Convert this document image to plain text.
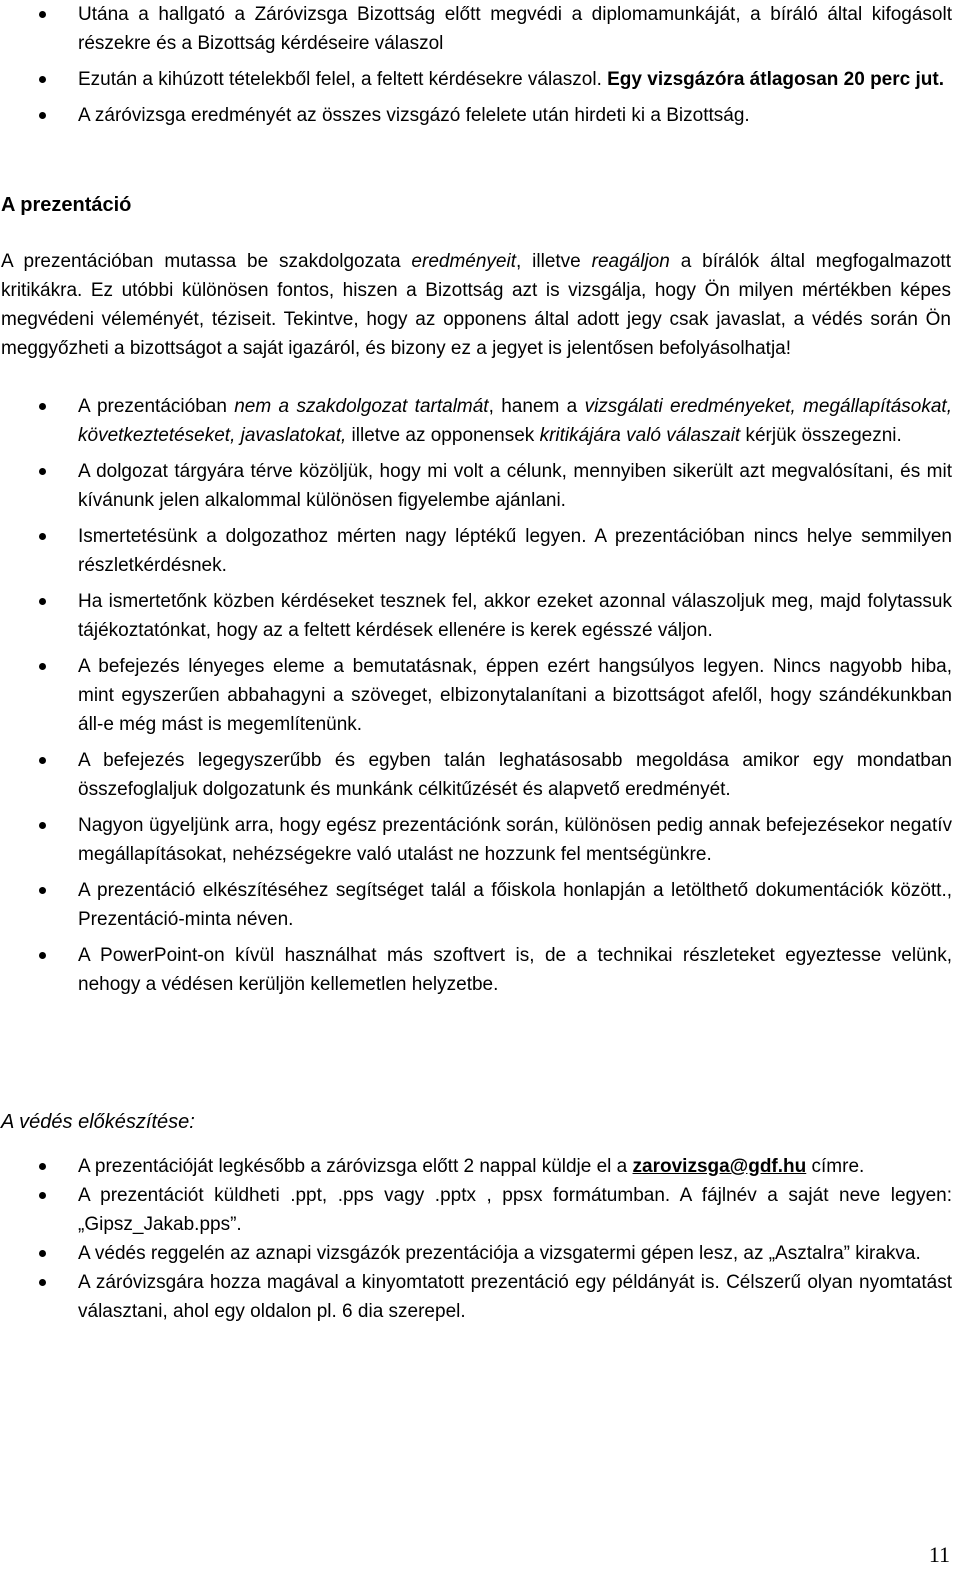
Utána a hallgató a Záróvizsga Bizottság előtt megvédi a diplomamunkáját, a bíráló által kifogásolt részekre és a Bizottság kérdéseire válaszol
Ezután a kihúzott tételekből felel, a feltett kérdésekre válaszol. Egy vizsgázóra átlagosan 20 perc jut.
A záróvizsga eredményét az összes vizsgázó felelete után hirdeti ki a Bizottság.
A prezentáció
A prezentációban mutassa be szakdolgozata eredményeit, illetve reagáljon a bírálók által megfogalmazott kritikákra. Ez utóbbi különösen fontos, hiszen a Bizottság azt is vizsgálja, hogy Ön milyen mértékben képes megvédeni véleményét, téziseit. Tekintve, hogy az opponens által adott jegy csak javaslat, a védés során Ön meggyőzheti a bizottságot a saját igazáról, és bizony ez a jegyet is jelentősen befolyásolhatja!
A prezentációban nem a szakdolgozat tartalmát, hanem a vizsgálati eredményeket, megállapításokat, következtetéseket, javaslatokat, illetve az opponensek kritikájára való válaszait kérjük összegezni.
A dolgozat tárgyára térve közöljük, hogy mi volt a célunk, mennyiben sikerült azt megvalósítani, és mit kívánunk jelen alkalommal különösen figyelembe ajánlani.
Ismertetésünk a dolgozathoz mérten nagy léptékű legyen. A prezentációban nincs helye semmilyen részletkérdésnek.
Ha ismertetőnk közben kérdéseket tesznek fel, akkor ezeket azonnal válaszoljuk meg, majd folytassuk tájékoztatónkat, hogy az a feltett kérdések ellenére is kerek egésszé váljon.
A befejezés lényeges eleme a bemutatásnak, éppen ezért hangsúlyos legyen. Nincs nagyobb hiba, mint egyszerűen abbahagyni a szöveget, elbizonytalanítani a bizottságot afelől, hogy szándékunkban áll-e még mást is megemlítenünk.
A befejezés legegyszerűbb és egyben talán leghatásosabb megoldása amikor egy mondatban összefoglaljuk dolgozatunk és munkánk célkitűzését és alapvető eredményét.
Nagyon ügyeljünk arra, hogy egész prezentációnk során, különösen pedig annak befejezésekor negatív megállapításokat, nehézségekre való utalást ne hozzunk fel mentségünkre.
A prezentáció elkészítéséhez segítséget talál a főiskola honlapján a letölthető dokumentációk között., Prezentáció-minta néven.
A PowerPoint-on kívül használhat más szoftvert is, de a technikai részleteket egyeztesse velünk, nehogy a védésen kerüljön kellemetlen helyzetbe.
A védés előkészítése:
A prezentációját legkésőbb a záróvizsga előtt 2 nappal küldje el a zarovizsga@gdf.hu címre.
A prezentációt küldheti .ppt, .pps vagy .pptx , ppsx formátumban. A fájlnév a saját neve legyen: „Gipsz_Jakab.pps”.
A védés reggelén az aznapi vizsgázók prezentációja a vizsgatermi gépen lesz, az „Asztalra” kirakva.
A záróvizsgára hozza magával a kinyomtatott prezentáció egy példányát is. Célszerű olyan nyomtatást választani, ahol egy oldalon pl. 6 dia szerepel.
11
